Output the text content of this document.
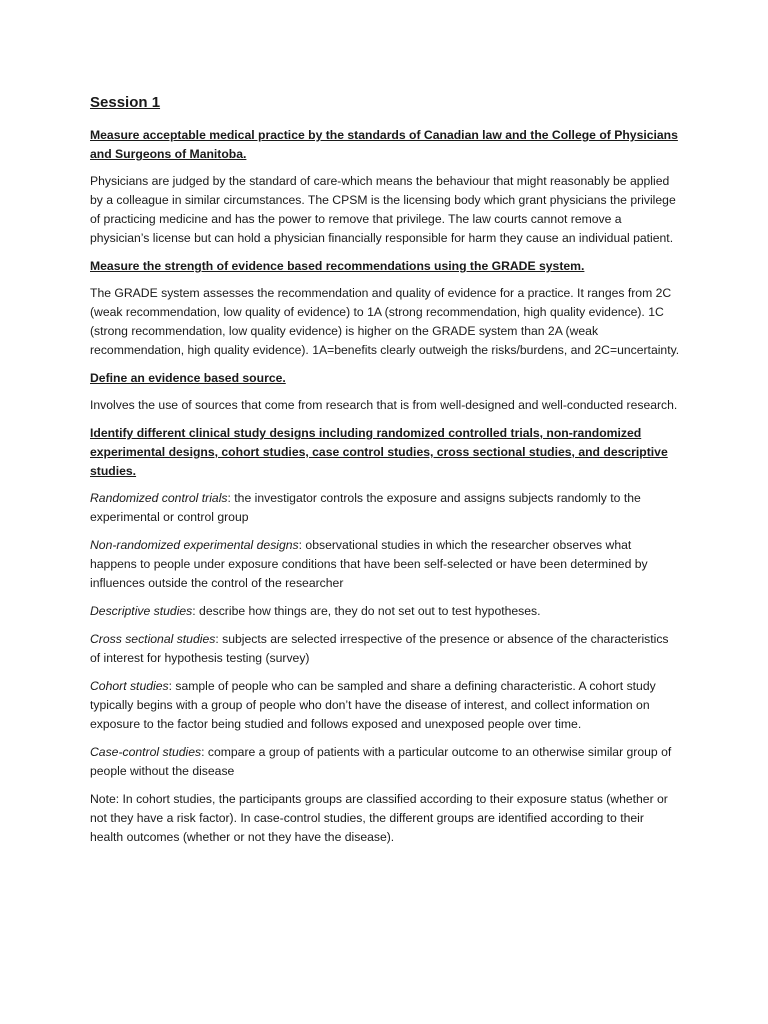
Session 1
Measure acceptable medical practice by the standards of Canadian law and the College of Physicians and Surgeons of Manitoba.

Physicians are judged by the standard of care-which means the behaviour that might reasonably be applied by a colleague in similar circumstances. The CPSM is the licensing body which grant physicians the privilege of practicing medicine and has the power to remove that privilege. The law courts cannot remove a physician’s license but can hold a physician financially responsible for harm they cause an individual patient.

Measure the strength of evidence based recommendations using the GRADE system.

The GRADE system assesses the recommendation and quality of evidence for a practice. It ranges from 2C (weak recommendation, low quality of evidence) to 1A (strong recommendation, high quality evidence). 1C (strong recommendation, low quality evidence) is higher on the GRADE system than 2A (weak recommendation, high quality evidence). 1A=benefits clearly outweigh the risks/burdens, and 2C=uncertainty.

Define an evidence based source.

Involves the use of sources that come from research that is from well-designed and well-conducted research.

Identify different clinical study designs including randomized controlled trials, non-randomized experimental designs, cohort studies, case control studies, cross sectional studies, and descriptive studies.

Randomized control trials: the investigator controls the exposure and assigns subjects randomly to the experimental or control group

Non-randomized experimental designs: observational studies in which the researcher observes what happens to people under exposure conditions that have been self-selected or have been determined by influences outside the control of the researcher

Descriptive studies: describe how things are, they do not set out to test hypotheses.

Cross sectional studies: subjects are selected irrespective of the presence or absence of the characteristics of interest for hypothesis testing (survey)

Cohort studies: sample of people who can be sampled and share a defining characteristic. A cohort study typically begins with a group of people who don’t have the disease of interest, and collect information on exposure to the factor being studied and follows exposed and unexposed people over time.

Case-control studies: compare a group of patients with a particular outcome to an otherwise similar group of people without the disease

Note: In cohort studies, the participants groups are classified according to their exposure status (whether or not they have a risk factor). In case-control studies, the different groups are identified according to their health outcomes (whether or not they have the disease).
